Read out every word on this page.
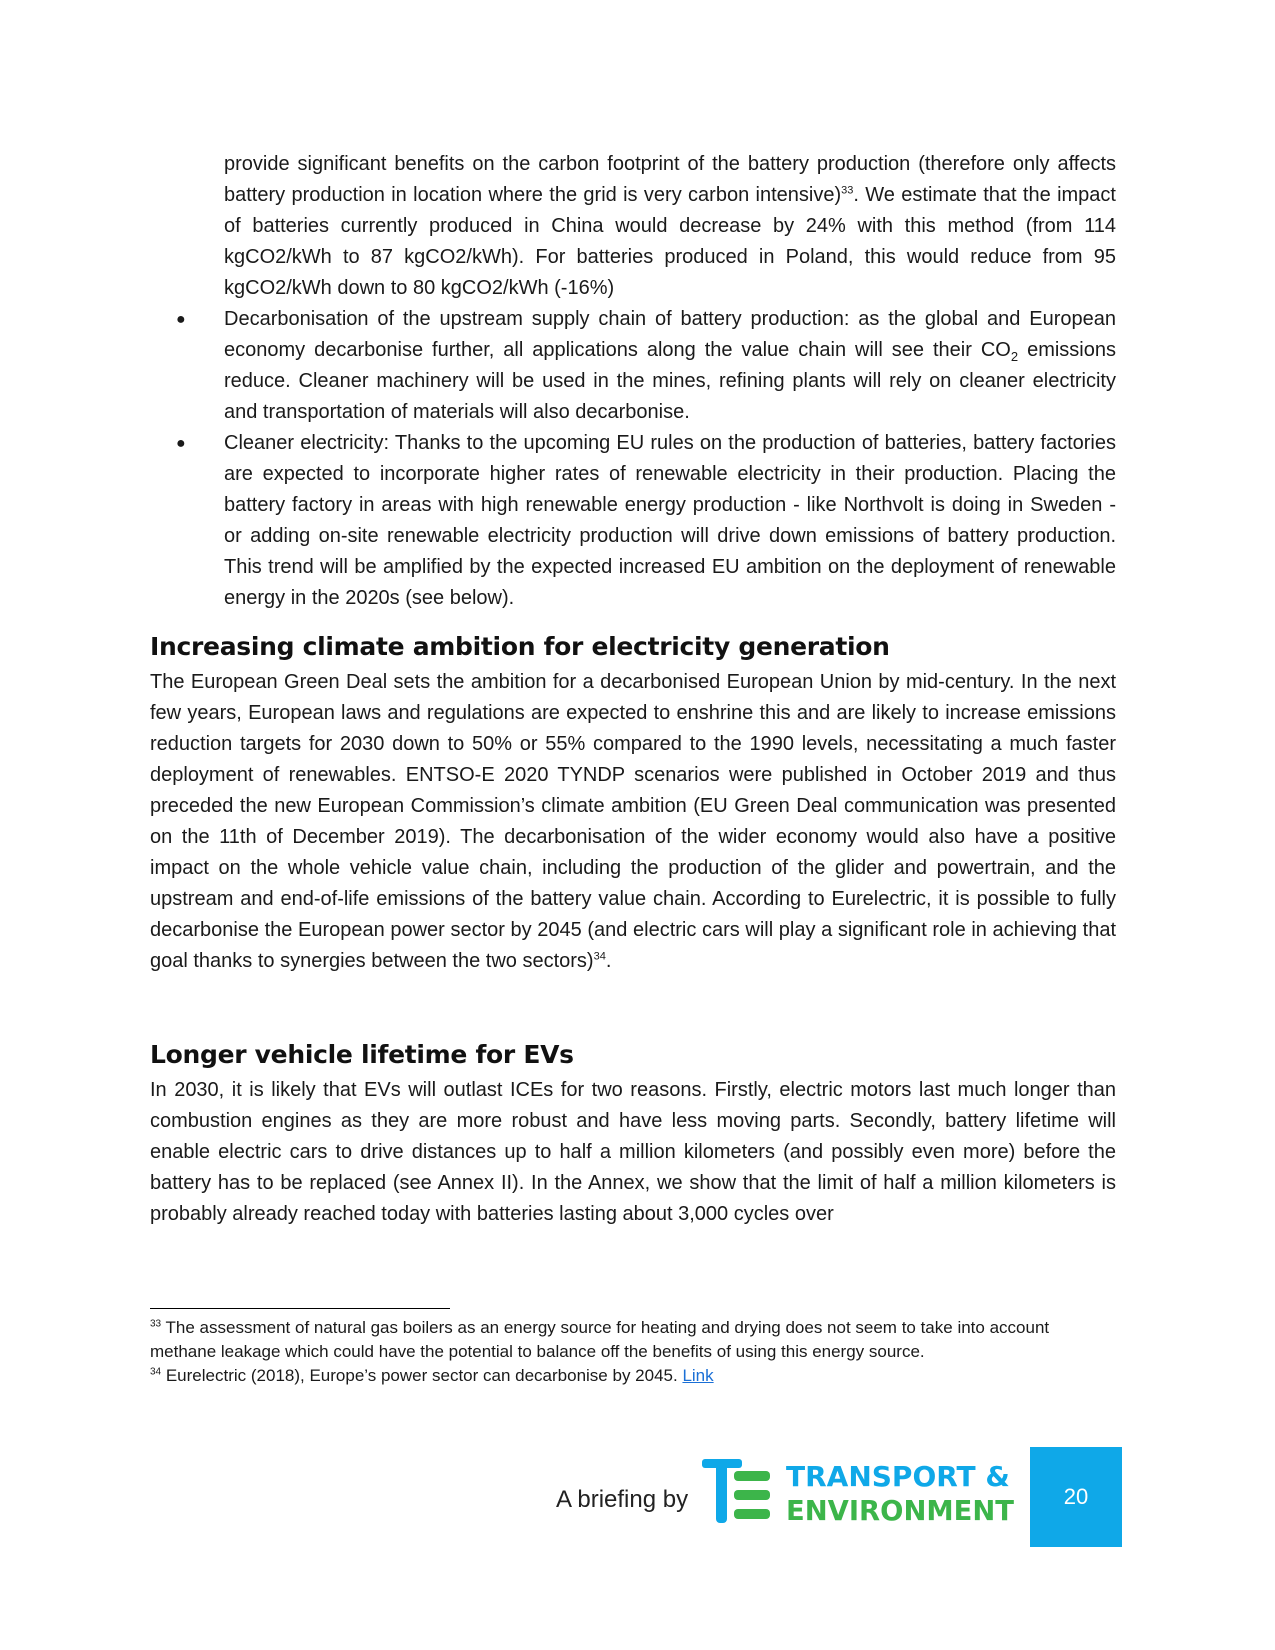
provide significant benefits on the carbon footprint of the battery production (therefore only affects battery production in location where the grid is very carbon intensive)$^{33}$. We estimate that the impact of batteries currently produced in China would decrease by 24% with this method (from 114 kgCO2/kWh to 87 kgCO2/kWh). For batteries produced in Poland, this would reduce from 95 kgCO2/kWh down to 80 kgCO2/kWh (-16%)

● Decarbonisation of the upstream supply chain of battery production: as the global and European economy decarbonise further, all applications along the value chain will see their $CO_2$ emissions reduce. Cleaner machinery will be used in the mines, refining plants will rely on cleaner electricity and transportation of materials will also decarbonise.
● Cleaner electricity: Thanks to the upcoming EU rules on the production of batteries, battery factories are expected to incorporate higher rates of renewable electricity in their production. Placing the battery factory in areas with high renewable energy production - like Northvolt is doing in Sweden - or adding on-site renewable electricity production will drive down emissions of battery production. This trend will be amplified by the expected increased EU ambition on the deployment of renewable energy in the 2020s (see below).
Increasing climate ambition for electricity generation

The European Green Deal sets the ambition for a decarbonised European Union by mid-century. In the next few years, European laws and regulations are expected to enshrine this and are likely to increase emissions reduction targets for 2030 down to 50% or 55% compared to the 1990 levels, necessitating a much faster deployment of renewables. ENTSO-E 2020 TYNDP scenarios were published in October 2019 and thus preceded the new European Commission’s climate ambition (EU Green Deal communication was presented on the 11th of December 2019). The decarbonisation of the wider economy would also have a positive impact on the whole vehicle value chain, including the production of the glider and powertrain, and the upstream and end-of-life emissions of the battery value chain. According to Eurelectric, it is possible to fully decarbonise the European power sector by 2045 (and electric cars will play a significant role in achieving that goal thanks to synergies between the two sectors)$^{34}$.

Longer vehicle lifetime for EVs

In 2030, it is likely that EVs will outlast ICEs for two reasons. Firstly, electric motors last much longer than combustion engines as they are more robust and have less moving parts. Secondly, battery lifetime will enable electric cars to drive distances up to half a million kilometers (and possibly even more) before the battery has to be replaced (see Annex II). In the Annex, we show that the limit of half a million kilometers is probably already reached today with batteries lasting about 3,000 cycles over

$^{33}$ The assessment of natural gas boilers as an energy source for heating and drying does not seem to take into account methane leakage which could have the potential to balance off the benefits of using this energy source.
$^{34}$ Eurelectric (2018), Europe’s power sector can decarbonise by 2045. Link
A briefing by
TRANSPORT &
ENVIRONMENT 20
